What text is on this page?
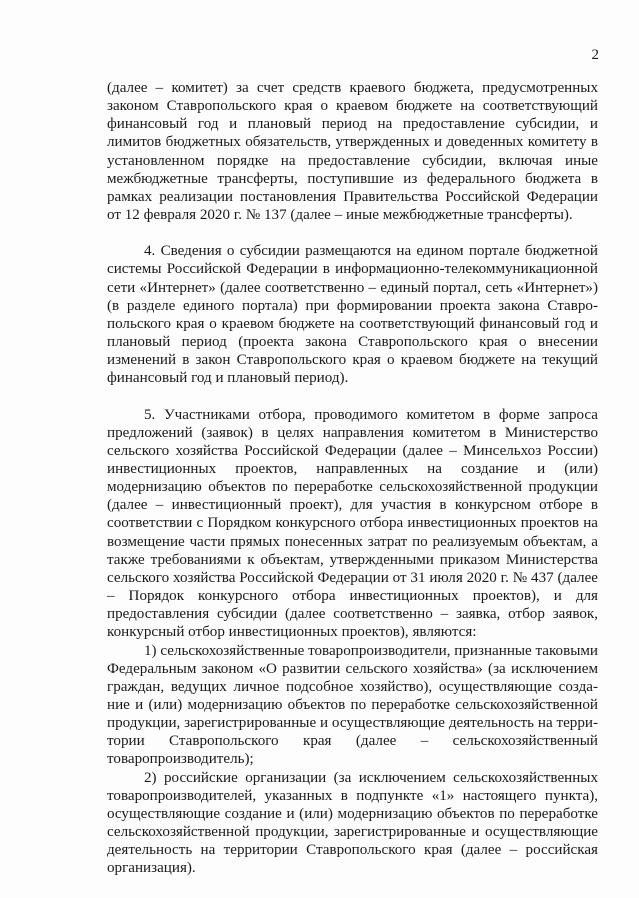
2

(далее – комитет) за счет средств краевого бюджета, предусмотренных законом Ставропольского края о краевом бюджете на соответствующий финансовый год и плановый период на предоставление субсидии, и лимитов бюджетных обязательств, утвержденных и доведенных комитету в установленном порядке на предоставление субсидии, включая иные межбюджетные трансферты, поступившие из федерального бюджета в рамках реализации постановления Правительства Российской Федерации от 12 февраля 2020 г. № 137 (далее – иные межбюджетные трансферты).

4. Сведения о субсидии размещаются на едином портале бюджетной системы Российской Федерации в информационно-телекоммуникационной сети «Интернет» (далее соответственно – единый портал, сеть «Интернет») (в разделе единого портала) при формировании проекта закона Ставропольского края о краевом бюджете на соответствующий финансовый год и плановый период (проекта закона Ставропольского края о внесении изменений в закон Ставропольского края о краевом бюджете на текущий финансовый год и плановый период).

5. Участниками отбора, проводимого комитетом в форме запроса предложений (заявок) в целях направления комитетом в Министерство сельского хозяйства Российской Федерации (далее – Минсельхоз России) инвестиционных проектов, направленных на создание и (или) модернизацию объектов по переработке сельскохозяйственной продукции (далее – инвестиционный проект), для участия в конкурсном отборе в соответствии с Порядком конкурсного отбора инвестиционных проектов на возмещение части прямых понесенных затрат по реализуемым объектам, а также требованиями к объектам, утвержденными приказом Министерства сельского хозяйства Российской Федерации от 31 июля 2020 г. № 437 (далее – Порядок конкурсного отбора инвестиционных проектов), и для предоставления субсидии (далее соответственно – заявка, отбор заявок, конкурсный отбор инвестиционных проектов), являются:

1) сельскохозяйственные товаропроизводители, признанные таковыми Федеральным законом «О развитии сельского хозяйства» (за исключением граждан, ведущих личное подсобное хозяйство), осуществляющие создание и (или) модернизацию объектов по переработке сельскохозяйственной продукции, зарегистрированные и осуществляющие деятельность на территории Ставропольского края (далее – сельскохозяйственный товаропроизводитель);

2) российские организации (за исключением сельскохозяйственных товаропроизводителей, указанных в подпункте «1» настоящего пункта), осуществляющие создание и (или) модернизацию объектов по переработке сельскохозяйственной продукции, зарегистрированные и осуществляющие деятельность на территории Ставропольского края (далее – российская организация).
